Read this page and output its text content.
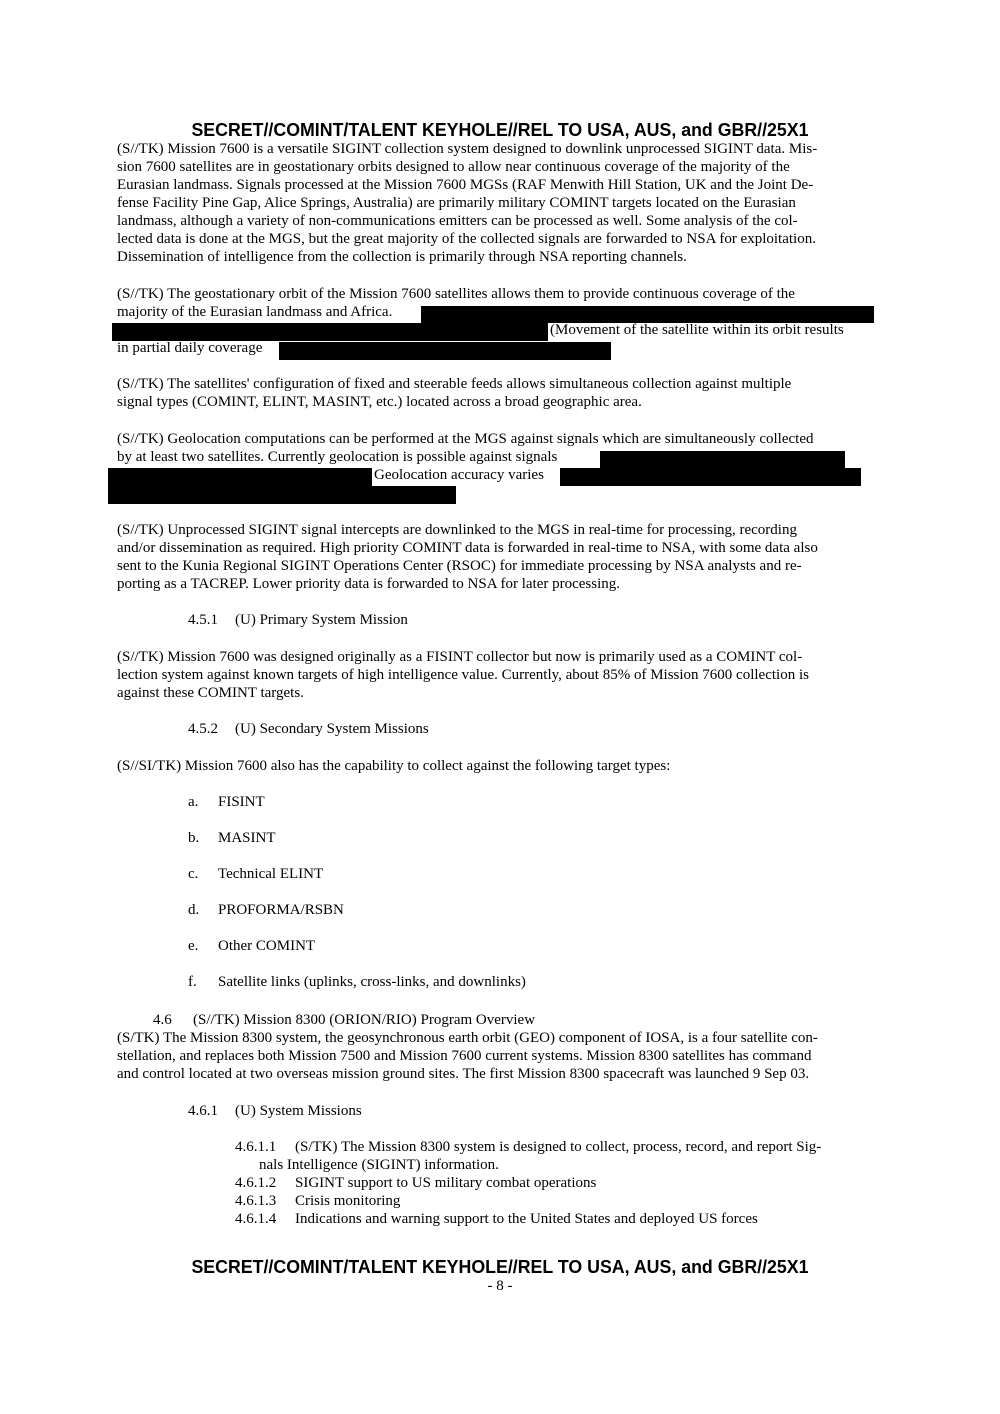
SECRET//COMINT/TALENT KEYHOLE//REL TO USA, AUS, and GBR//25X1
(S//TK) Mission 7600 is a versatile SIGINT collection system designed to downlink unprocessed SIGINT data. Mis-
sion 7600 satellites are in geostationary orbits designed to allow near continuous coverage of the majority of the
Eurasian landmass. Signals processed at the Mission 7600 MGSs (RAF Menwith Hill Station, UK and the Joint De-
fense Facility Pine Gap, Alice Springs, Australia) are primarily military COMINT targets located on the Eurasian
landmass, although a variety of non-communications emitters can be processed as well. Some analysis of the col-
lected data is done at the MGS, but the great majority of the collected signals are forwarded to NSA for exploitation.
Dissemination of intelligence from the collection is primarily through NSA reporting channels.
(S//TK) The geostationary orbit of the Mission 7600 satellites allows them to provide continuous coverage of the
majority of the Eurasian landmass and Africa.
(Movement of the satellite within its orbit results
in partial daily coverage
(S//TK) The satellites' configuration of fixed and steerable feeds allows simultaneous collection against multiple
signal types (COMINT, ELINT, MASINT, etc.) located across a broad geographic area.
(S//TK) Geolocation computations can be performed at the MGS against signals which are simultaneously collected
by at least two satellites. Currently geolocation is possible against signals
Geolocation accuracy varies
(S//TK) Unprocessed SIGINT signal intercepts are downlinked to the MGS in real-time for processing, recording
and/or dissemination as required. High priority COMINT data is forwarded in real-time to NSA, with some data also
sent to the Kunia Regional SIGINT Operations Center (RSOC) for immediate processing by NSA analysts and re-
porting as a TACREP. Lower priority data is forwarded to NSA for later processing.
4.5.1 (U) Primary System Mission
(S//TK) Mission 7600 was designed originally as a FISINT collector but now is primarily used as a COMINT col-
lection system against known targets of high intelligence value. Currently, about 85% of Mission 7600 collection is
against these COMINT targets.
4.5.2 (U) Secondary System Missions
(S//SI/TK) Mission 7600 also has the capability to collect against the following target types:
a. FISINT
b. MASINT
c. Technical ELINT
d. PROFORMA/RSBN
e. Other COMINT
f. Satellite links (uplinks, cross-links, and downlinks)
4.6 (S//TK) Mission 8300 (ORION/RIO) Program Overview
(S/TK) The Mission 8300 system, the geosynchronous earth orbit (GEO) component of IOSA, is a four satellite con-
stellation, and replaces both Mission 7500 and Mission 7600 current systems. Mission 8300 satellites has command
and control located at two overseas mission ground sites. The first Mission 8300 spacecraft was launched 9 Sep 03.
4.6.1 (U) System Missions
4.6.1.1 (S/TK) The Mission 8300 system is designed to collect, process, record, and report Sig-
nals Intelligence (SIGINT) information.
4.6.1.2 SIGINT support to US military combat operations
4.6.1.3 Crisis monitoring
4.6.1.4 Indications and warning support to the United States and deployed US forces
SECRET//COMINT/TALENT KEYHOLE//REL TO USA, AUS, and GBR//25X1
- 8 -
